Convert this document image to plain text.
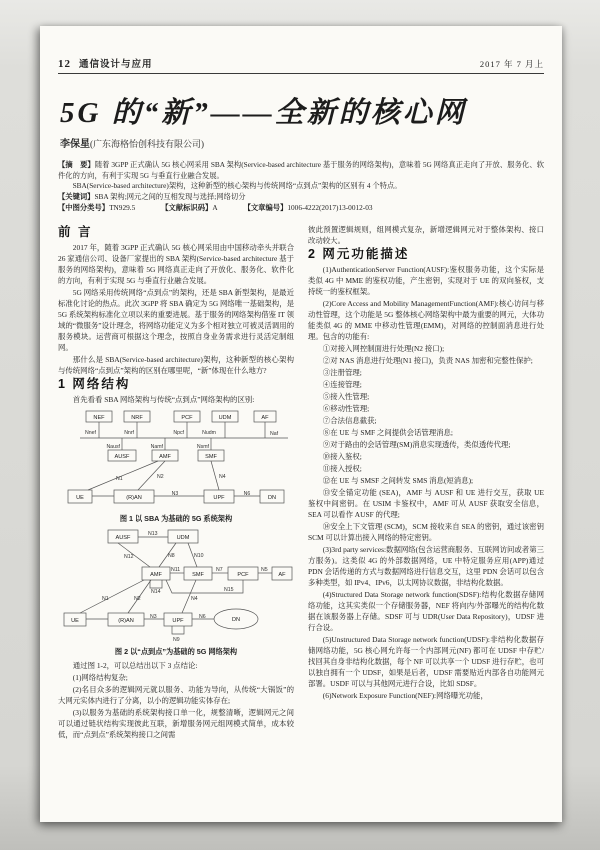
12 通信设计与应用	2017 年 7 月上
5G 的“新”——全新的核心网
李保星(广东海格怡创科技有限公司)

【摘　要】随着 3GPP 正式确认 5G 核心网采用 SBA 架构(Service-based architecture 基于服务的网络架构)，意味着 5G 网络真正走向了开放、服务化、软件化的方向，有利于实现 5G 与垂直行业融合发展。

SBA(Service-based architecture)架构，这种新型的核心架构与传统网络“点到点”架构的区别有 4 个特点。

【关键词】SBA 架构;网元之间的互相发现与选择;网络切分

【中图分类号】TN929.5	【文献标识码】A	【文章编号】1006-4222(2017)13-0012-03
前 言

2017 年，随着 3GPP 正式确认 5G 核心网采用由中国移动牵头并联合 26 家通信公司、设备厂家提出的 SBA 架构(Service-based architecture 基于服务的网络架构)，意味着 5G 网络真正走向了开放化、服务化、软件化的方向，有利于实现 5G 与垂直行业融合发展。

5G 网络采用传统网络“点到点”的架构，还是 SBA 新型架构，是最近标准化讨论的热点。此次 3GPP 将 SBA 确定为 5G 网络唯一基础架构，是 5G 系统架构标准化立项以来的重要进展。基于服务的网络架构借鉴 IT 领域的“微服务”设计理念，将网络功能定义为多个相对独立可被灵活调用的服务模块。运营商可根据这个理念，按照自身业务需求进行灵活定制组网。

那什么是 SBA(Service-based architecture)架构，这种新型的核心架构与传统网络“点到点”架构的区别在哪里呢，“新”体现在什么地方?

1 网络结构

首先看看 SBA 网络架构与传统“点到点”网络架构的区别:

NEF	NRF	PCF	UDM	AF
Nnef	Nnrf	Npcf	Nudm	Naf
Nausf	Namf	Nsmf
AUSF	AMF	SMF
UE	(R)AN	UPF	DN
N1	N2	N4
N3	N6
图 1 以 SBA 为基础的 5G 系统架构
AUSF	UDM
N13
AMF	SMF	PCF	AF
N12	N8	N10
N11	N7	N5
N14	N15
UE	(R)AN	UPF	DN
N1	N2	N4
N3	N6
N9
图 2 以“点到点”为基础的 5G 网络架构

通过图 1-2，可以总结出以下 3 点结论:

(1)网络结构复杂;

(2)名目众多的逻辑网元就以服务、功能为导向，从传统“大锅饭”的大网元实体内进行了分离，以小的逻辑功能实体存在;

(3)以服务为基础的系统架构接口单一化，规整清晰，逻辑网元之间可以通过链状结构实现彼此互联，新增服务网元组网模式简单，成本较低，而“点到点”系统架构接口之间需

彼此预置逻辑规则，组网模式复杂，新增逻辑网元对于整体架构、接口改动较大。

2 网元功能描述

(1)AuthenticationServer Function(AUSF):鉴权服务功能，这个实际是类似 4G 中 MME 的鉴权功能，产生密钥，实现对于 UE 的双向鉴权，支持统一的鉴权框架。

(2)Core Access and Mobility ManagementFunction(AMF):核心访问与移动性管理，这个功能是 5G 整体核心网络架构中最为重要的网元，大体功能类似 4G 的 MME 中移动性管理(EMM)，对网络的控制面消息进行处理。包含的功能有:

①对接入网控制面进行处理(N2 接口);

②对 NAS 消息进行处理(N1 接口)，负责 NAS 加密和完整性保护;

③注册管理;

④连接管理;

⑤接入性管理;

⑥移动性管理;

⑦合法信息截获;

⑧在 UE 与 SMF 之间提供会话管理消息;

⑨对于路由的会话管理(SM)消息实现透传，类似透传代理;

⑩接入鉴权;

⑪接入授权;

⑫在 UE 与 SMSF 之间转发 SMS 消息(短消息);

⑬安全锚定功能 (SEA)，AMF 与 AUSF 和 UE 进行交互，获取 UE 鉴权中间密钥。在 USIM 卡鉴权中，AMF 可从 AUSF 获取安全信息，SEA 可以看作 AUSF 的代理;

⑭安全上下文管理 (SCM)，SCM 接收来自 SEA 的密钥，通过该密钥 SCM 可以计算出接入网络的特定密钥。

(3)3rd party services:数据网络(包含运营商服务、互联网访问或者第三方服务)。这类似 4G 的外部数据网络，UE 中特定服务应用(APP)通过 PDN 会话传递的方式与数据网络进行信息交互，这里 PDN 会话可以包含多种类型，如 IPv4、IPv6，以太网协议数据，非结构化数据。

(4)Structured Data Storage network function(SDSF):结构化数据存储网络功能，这其实类似一个存储服务器，NEF 将向内/外部曝光的结构化数据在该服务器上存储。SDSF 可与 UDR(User Data Repository)，UDSF 进行合设。

(5)Unstructured Data Storage network function(UDSF):非结构化数据存储网络功能，5G 核心网允许每一个内部网元(NF) 都可在 UDSF 中存贮/找回其自身非结构化数据，每个 NF 可以共享一个 UDSF 进行存贮，也可以独自拥有一个 UDSF，如果是后者，UDSF 需要贴近内部各自功能网元部署。USDF 可以与其他网元进行合设，比如 SDSF。

(6)Network Exposure Function(NEF):网络曝光功能，
